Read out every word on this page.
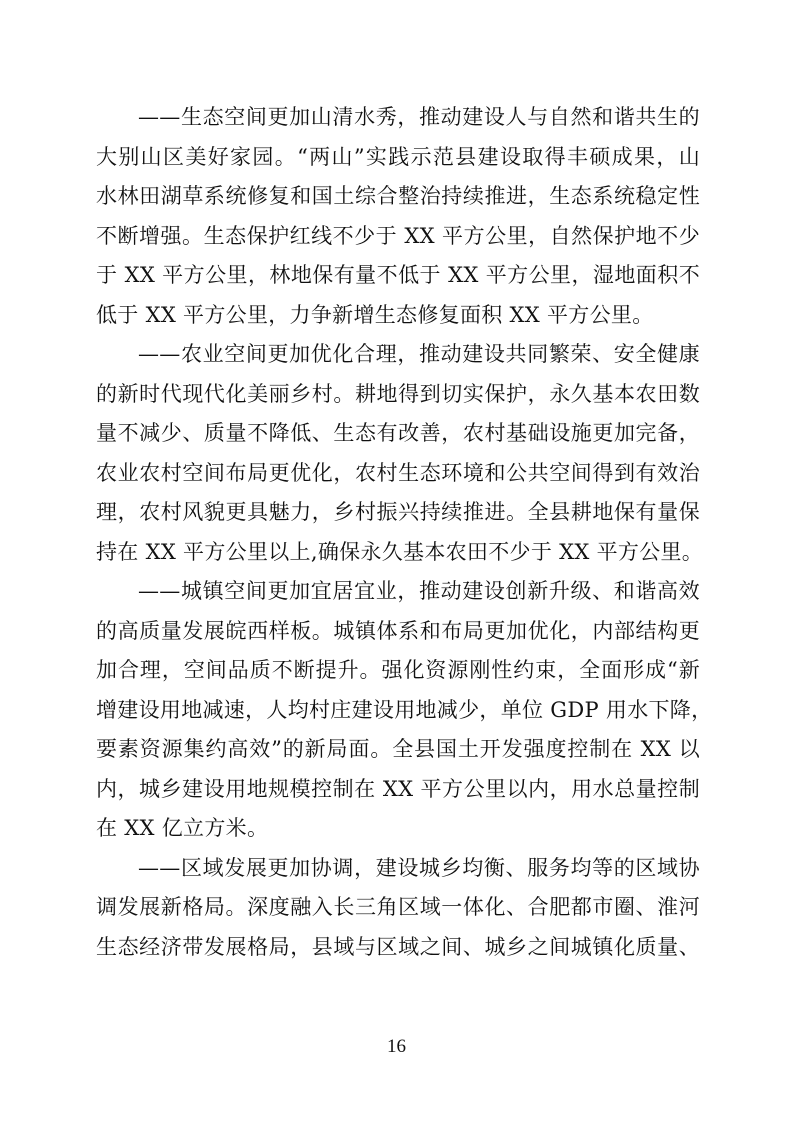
——生态空间更加山清水秀，推动建设人与自然和谐共生的
大别山区美好家园。“两山”实践示范县建设取得丰硕成果，山
水林田湖草系统修复和国土综合整治持续推进，生态系统稳定性
不断增强。生态保护红线不少于 XX 平方公里，自然保护地不少
于 XX 平方公里，林地保有量不低于 XX 平方公里，湿地面积不
低于 XX 平方公里，力争新增生态修复面积 XX 平方公里。
——农业空间更加优化合理，推动建设共同繁荣、安全健康
的新时代现代化美丽乡村。耕地得到切实保护，永久基本农田数
量不减少、质量不降低、生态有改善，农村基础设施更加完备，
农业农村空间布局更优化，农村生态环境和公共空间得到有效治
理，农村风貌更具魅力，乡村振兴持续推进。全县耕地保有量保
持在 XX 平方公里以上,确保永久基本农田不少于 XX 平方公里。
——城镇空间更加宜居宜业，推动建设创新升级、和谐高效
的高质量发展皖西样板。城镇体系和布局更加优化，内部结构更
加合理，空间品质不断提升。强化资源刚性约束，全面形成“新
增建设用地减速，人均村庄建设用地减少，单位 GDP 用水下降，
要素资源集约高效”的新局面。全县国土开发强度控制在 XX 以
内，城乡建设用地规模控制在 XX 平方公里以内，用水总量控制
在 XX 亿立方米。
——区域发展更加协调，建设城乡均衡、服务均等的区域协
调发展新格局。深度融入长三角区域一体化、合肥都市圈、淮河
生态经济带发展格局，县域与区域之间、城乡之间城镇化质量、
16
